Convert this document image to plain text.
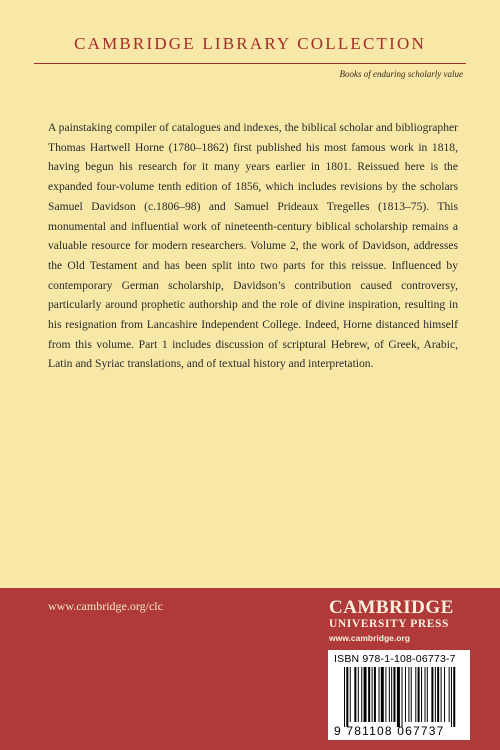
CAMBRIDGE LIBRARY COLLECTION
Books of enduring scholarly value

A painstaking compiler of catalogues and indexes, the biblical scholar and bibliographer Thomas Hartwell Horne (1780–1862) first published his most famous work in 1818, having begun his research for it many years earlier in 1801. Reissued here is the expanded four-volume tenth edition of 1856, which includes revisions by the scholars Samuel Davidson (c.1806–98) and Samuel Prideaux Tregelles (1813–75). This monumental and influential work of nineteenth-century biblical scholarship remains a valuable resource for modern researchers. Volume 2, the work of Davidson, addresses the Old Testament and has been split into two parts for this reissue. Influenced by contemporary German scholarship, Davidson’s contribution caused controversy, particularly around prophetic authorship and the role of divine inspiration, resulting in his resignation from Lancashire Independent College. Indeed, Horne distanced himself from this volume. Part 1 includes discussion of scriptural Hebrew, of Greek, Arabic, Latin and Syriac translations, and of textual history and interpretation.

www.cambridge.org/clc	CAMBRIDGE
UNIVERSITY PRESS
www.cambridge.org
ISBN 978-1-108-06773-7
9 781108 067737
